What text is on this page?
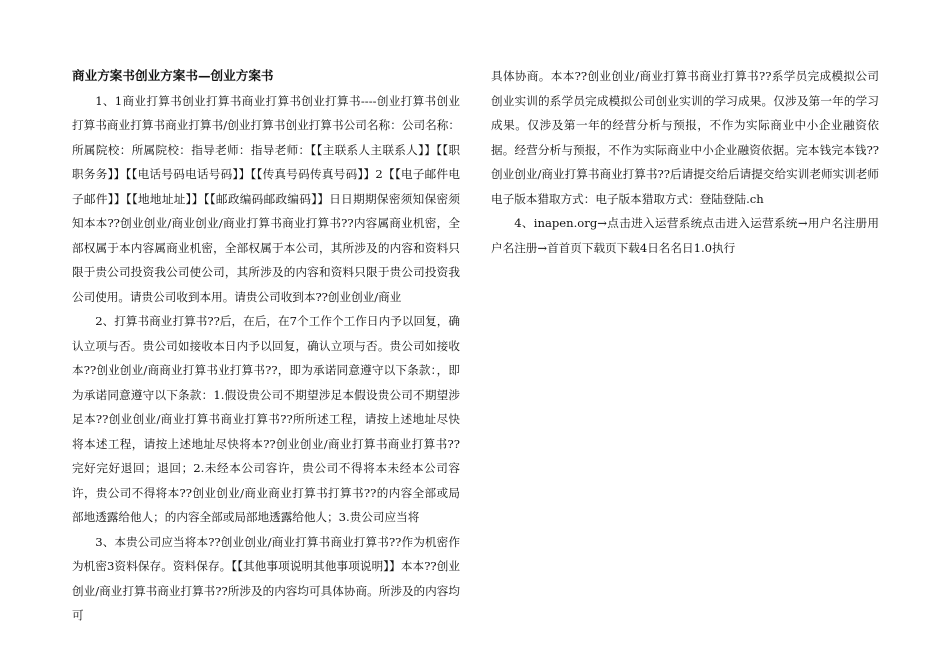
商业方案书创业方案书—创业方案书

1、1商业打算书创业打算书商业打算书创业打算书----创业打算书创业打算书商业打算书商业打算书/创业打算书创业打算书公司名称：公司名称：所属院校：所属院校：指导老师：指导老师：【【主联系人主联系人】】【【职职务务】】【【电话号码电话号码】】【【传真号码传真号码】】2【【电子邮件电子邮件】】【【地地址址】】【【邮政编码邮政编码】】日日期期保密须知保密须知本本??创业创业/商业创业/商业打算书商业打算书??内容属商业机密，全部权属于本内容属商业机密，全部权属于本公司，其所涉及的内容和资料只限于贵公司投资我公司使公司，其所涉及的内容和资料只限于贵公司投资我公司使用。请贵公司收到本用。请贵公司收到本??创业创业/商业

2、打算书商业打算书??后，在后，在7个工作个工作日内予以回复，确认立项与否。贵公司如接收本日内予以回复，确认立项与否。贵公司如接收本??创业创业/商商业打算书业打算书??，即为承诺同意遵守以下条款：，即为承诺同意遵守以下条款：1.假设贵公司不期望涉足本假设贵公司不期望涉足本??创业创业/商业打算书商业打算书??所所述工程，请按上述地址尽快将本述工程，请按上述地址尽快将本??创业创业/商业打算书商业打算书??完好完好退回；退回；2.未经本公司容许，贵公司不得将本未经本公司容许，贵公司不得将本??创业创业/商业商业打算书打算书??的内容全部或局部地透露给他人；的内容全部或局部地透露给他人；3.贵公司应当将

3、本贵公司应当将本??创业创业/商业打算书商业打算书??作为机密作为机密3资料保存。资料保存。【【其他事项说明其他事项说明】】本本??创业创业/商业打算书商业打算书??所涉及的内容均可具体协商。所涉及的内容均可

具体协商。本本??创业创业/商业打算书商业打算书??系学员完成模拟公司创业实训的系学员完成模拟公司创业实训的学习成果。仅涉及第一年的学习成果。仅涉及第一年的经营分析与预报，不作为实际商业中小企业融资依据。经营分析与预报，不作为实际商业中小企业融资依据。完本钱完本钱??创业创业/商业打算书商业打算书??后请提交给后请提交给实训老师实训老师电子版本猎取方式：电子版本猎取方式：登陆登陆.ch

4、inapen.org→点击进入运营系统点击进入运营系统→用户名注册用户名注册→首首页下载页下载4日名名日1.0执行
